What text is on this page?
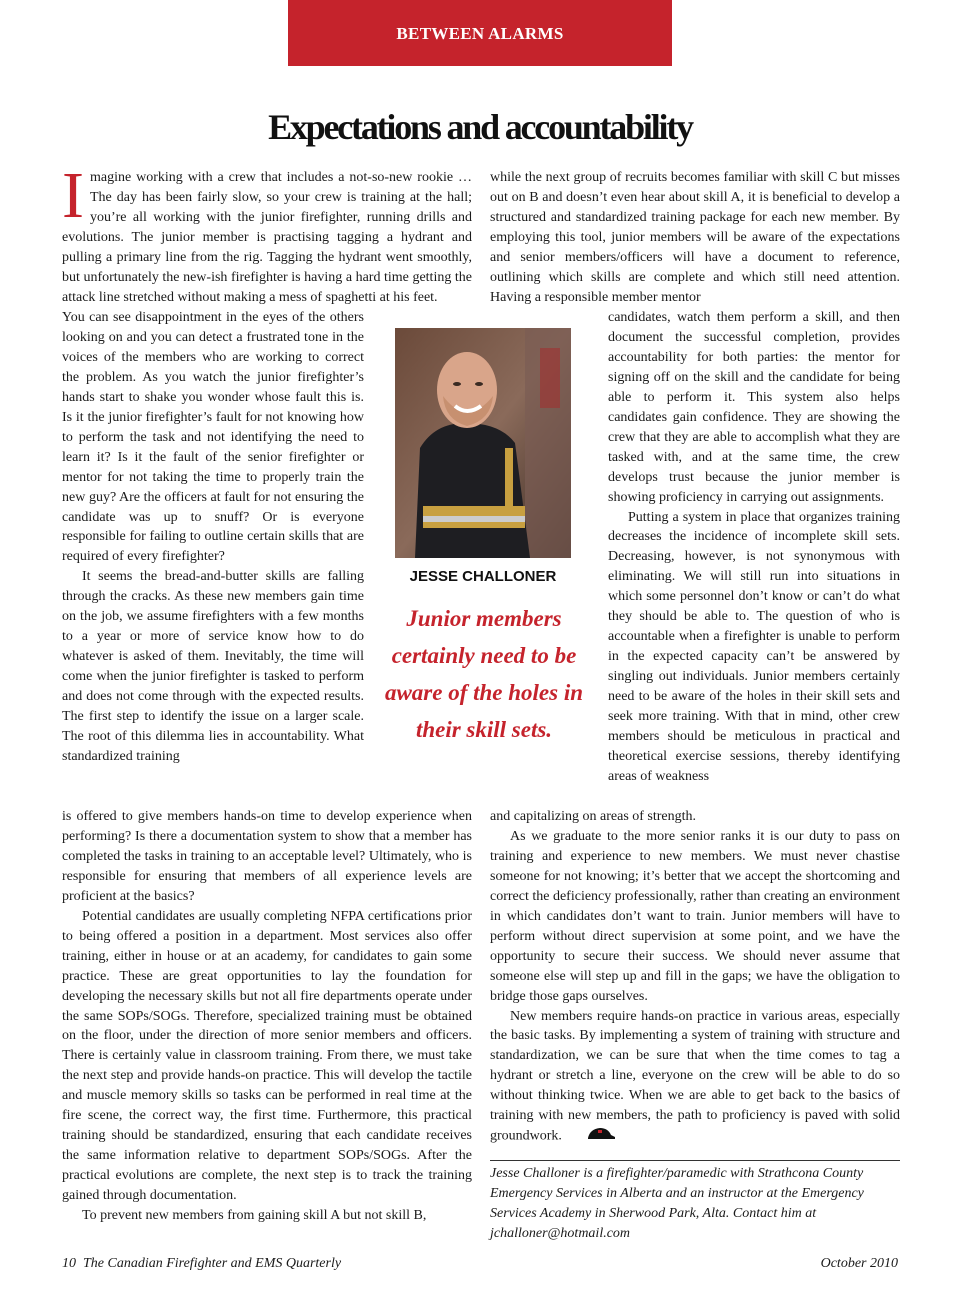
BETWEEN ALARMS
Expectations and accountability
I magine working with a crew that includes a not-so-new rookie … The day has been fairly slow, so your crew is training at the hall; you’re all working with the junior firefighter, running drills and evolutions. The junior member is practising tagging a hydrant and pulling a primary line from the rig. Tagging the hydrant went smoothly, but unfortunately the new-ish firefighter is having a hard time getting the attack line stretched without making a mess of spaghetti at his feet.

You can see disappointment in the eyes of the others looking on and you can detect a frustrated tone in the voices of the members who are working to correct the problem. As you watch the junior firefighter’s hands start to shake you wonder whose fault this is. Is it the junior firefighter’s fault for not knowing how to perform the task and not identifying the need to learn it? Is it the fault of the senior firefighter or mentor for not taking the time to properly train the new guy? Are the officers at fault for not ensuring the candidate was up to snuff? Or is everyone responsible for failing to outline certain skills that are required of every firefighter?

It seems the bread-and-butter skills are falling through the cracks. As these new members gain time on the job, we assume firefighters with a few months to a year or more of service know how to do whatever is asked of them. Inevitably, the time will come when the junior firefighter is tasked to perform and does not come through with the expected results. The first step to identify the issue on a larger scale. The root of this dilemma lies in accountability. What standardized training

is offered to give members hands-on time to develop experience when performing? Is there a documentation system to show that a member has completed the tasks in training to an acceptable level? Ultimately, who is responsible for ensuring that members of all experience levels are proficient at the basics?

Potential candidates are usually completing NFPA certifications prior to being offered a position in a department. Most services also offer training, either in house or at an academy, for candidates to gain some practice. These are great opportunities to lay the foundation for developing the necessary skills but not all fire departments operate under the same SOPs/SOGs. Therefore, specialized training must be obtained on the floor, under the direction of more senior members and officers. There is certainly value in classroom training. From there, we must take the next step and provide hands-on practice. This will develop the tactile and muscle memory skills so tasks can be performed in real time at the fire scene, the correct way, the first time. Furthermore, this practical training should be standardized, ensuring that each candidate receives the same information relative to department SOPs/SOGs. After the practical evolutions are complete, the next step is to track the training gained through documentation.

To prevent new members from gaining skill A but not skill B,

while the next group of recruits becomes familiar with skill C but misses out on B and doesn’t even hear about skill A, it is beneficial to develop a structured and standardized training package for each new member. By employing this tool, junior members will be aware of the expectations and senior members/officers will have a document to reference, outlining which skills are complete and which still need attention. Having a responsible member mentor

candidates, watch them perform a skill, and then document the successful completion, provides accountability for both parties: the mentor for signing off on the skill and the candidate for being able to perform it. This system also helps candidates gain confidence. They are showing the crew that they are able to accomplish what they are tasked with, and at the same time, the crew develops trust because the junior member is showing proficiency in carrying out assignments.

Putting a system in place that organizes training decreases the incidence of incomplete skill sets. Decreasing, however, is not synonymous with eliminating. We will still run into situations in which some personnel don’t know or can’t do what they should be able to. The question of who is accountable when a firefighter is unable to perform in the expected capacity can’t be answered by singling out individuals. Junior members certainly need to be aware of the holes in their skill sets and seek more training. With that in mind, other crew members should be meticulous in practical and theoretical exercise sessions, thereby identifying areas of weakness

and capitalizing on areas of strength.

As we graduate to the more senior ranks it is our duty to pass on training and experience to new members. We must never chastise someone for not knowing; it’s better that we accept the shortcoming and correct the deficiency professionally, rather than creating an environment in which candidates don’t want to train. Junior members will have to perform without direct supervision at some point, and we have the opportunity to secure their success. We should never assume that someone else will step up and fill in the gaps; we have the obligation to bridge those gaps ourselves.

New members require hands-on practice in various areas, especially the basic tasks. By implementing a system of training with structure and standardization, we can be sure that when the time comes to tag a hydrant or stretch a line, everyone on the crew will be able to do so without thinking twice. When we are able to get back to the basics of training with new members, the path to proficiency is paved with solid groundwork.

JESSE CHALLONER
Junior members certainly need to be aware of the holes in their skill sets.
Jesse Challoner is a firefighter/paramedic with Strathcona County Emergency Services in Alberta and an instructor at the Emergency Services Academy in Sherwood Park, Alta. Contact him at jchalloner@hotmail.com
10  The Canadian Firefighter and EMS Quarterly	October 2010
